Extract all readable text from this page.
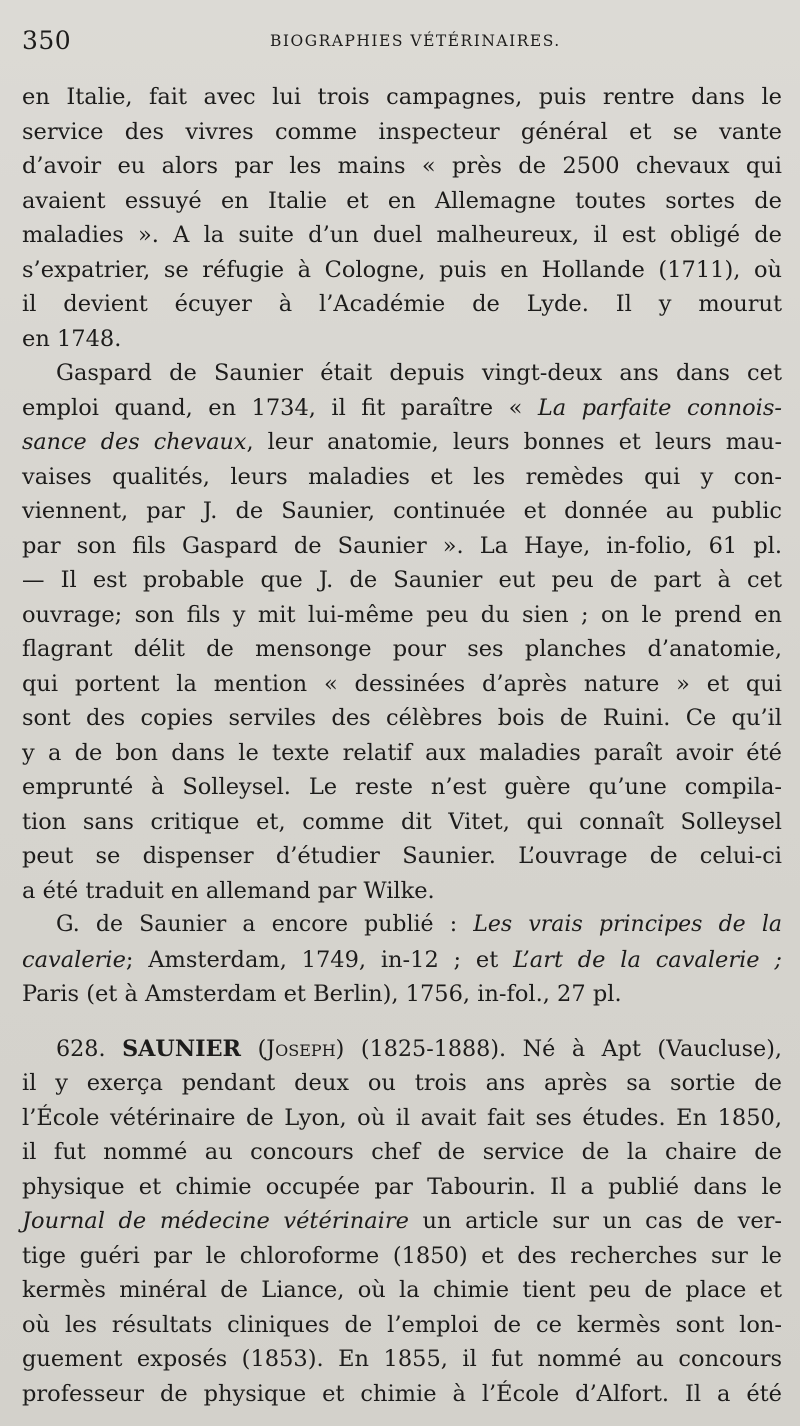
350	BIOGRAPHIES VÉTÉRINAIRES.
en Italie, fait avec lui trois campagnes, puis rentre dans le
service des vivres comme inspecteur général et se vante
d’avoir eu alors par les mains « près de 2500 chevaux qui
avaient essuyé en Italie et en Allemagne toutes sortes de
maladies ». A la suite d’un duel malheureux, il est obligé de
s’expatrier, se réfugie à Cologne, puis en Hollande (1711), où
il devient écuyer à l’Académie de Lyde. Il y mourut
en 1748.
Gaspard de Saunier était depuis vingt-deux ans dans cet
emploi quand, en 1734, il fit paraître « La parfaite connois-
sance des chevaux, leur anatomie, leurs bonnes et leurs mau-
vaises qualités, leurs maladies et les remèdes qui y con-
viennent, par J. de Saunier, continuée et donnée au public
par son fils Gaspard de Saunier ». La Haye, in-folio, 61 pl.
— Il est probable que J. de Saunier eut peu de part à cet
ouvrage; son fils y mit lui-même peu du sien ; on le prend en
flagrant délit de mensonge pour ses planches d’anatomie,
qui portent la mention « dessinées d’après nature » et qui
sont des copies serviles des célèbres bois de Ruini. Ce qu’il
y a de bon dans le texte relatif aux maladies paraît avoir été
emprunté à Solleysel. Le reste n’est guère qu’une compila-
tion sans critique et, comme dit Vitet, qui connaît Solleysel
peut se dispenser d’étudier Saunier. L’ouvrage de celui-ci
a été traduit en allemand par Wilke.
G. de Saunier a encore publié : Les vrais principes de la
cavalerie; Amsterdam, 1749, in-12 ; et L’art de la cavalerie ;
Paris (et à Amsterdam et Berlin), 1756, in-fol., 27 pl.
628. SAUNIER (Joseph) (1825-1888). Né à Apt (Vaucluse),
il y exerça pendant deux ou trois ans après sa sortie de
l’École vétérinaire de Lyon, où il avait fait ses études. En 1850,
il fut nommé au concours chef de service de la chaire de
physique et chimie occupée par Tabourin. Il a publié dans le
Journal de médecine vétérinaire un article sur un cas de ver-
tige guéri par le chloroforme (1850) et des recherches sur le
kermès minéral de Liance, où la chimie tient peu de place et
où les résultats cliniques de l’emploi de ce kermès sont lon-
guement exposés (1853). En 1855, il fut nommé au concours
professeur de physique et chimie à l’École d’Alfort. Il a été
